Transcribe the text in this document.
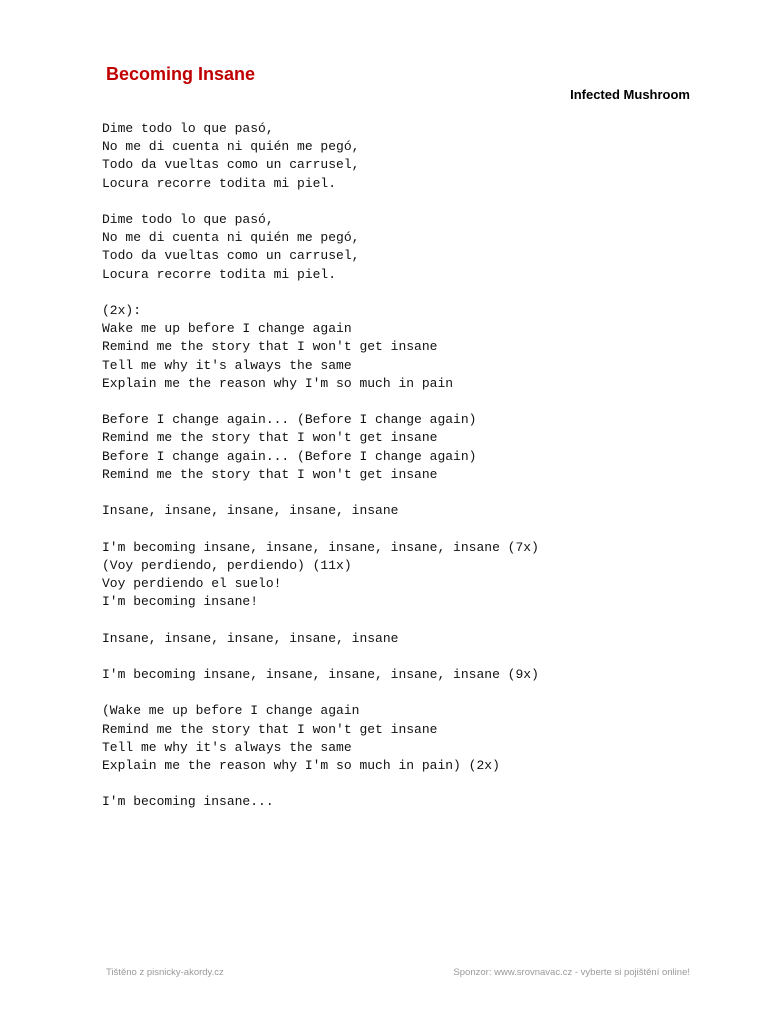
Becoming Insane
Infected Mushroom
Dime todo lo que pasó,
No me di cuenta ni quién me pegó,
Todo da vueltas como un carrusel,
Locura recorre todita mi piel.
Dime todo lo que pasó,
No me di cuenta ni quién me pegó,
Todo da vueltas como un carrusel,
Locura recorre todita mi piel.
(2x):
Wake me up before I change again
Remind me the story that I won't get insane
Tell me why it's always the same
Explain me the reason why I'm so much in pain
Before I change again... (Before I change again)
Remind me the story that I won't get insane
Before I change again... (Before I change again)
Remind me the story that I won't get insane
Insane, insane, insane, insane, insane
I'm becoming insane, insane, insane, insane, insane (7x)
(Voy perdiendo, perdiendo) (11x)
Voy perdiendo el suelo!
I'm becoming insane!
Insane, insane, insane, insane, insane
I'm becoming insane, insane, insane, insane, insane (9x)
(Wake me up before I change again
Remind me the story that I won't get insane
Tell me why it's always the same
Explain me the reason why I'm so much in pain) (2x)
I'm becoming insane...
Tištěno z pisnicky-akordy.cz	Sponzor: www.srovnavac.cz - vyberte si pojištění online!
